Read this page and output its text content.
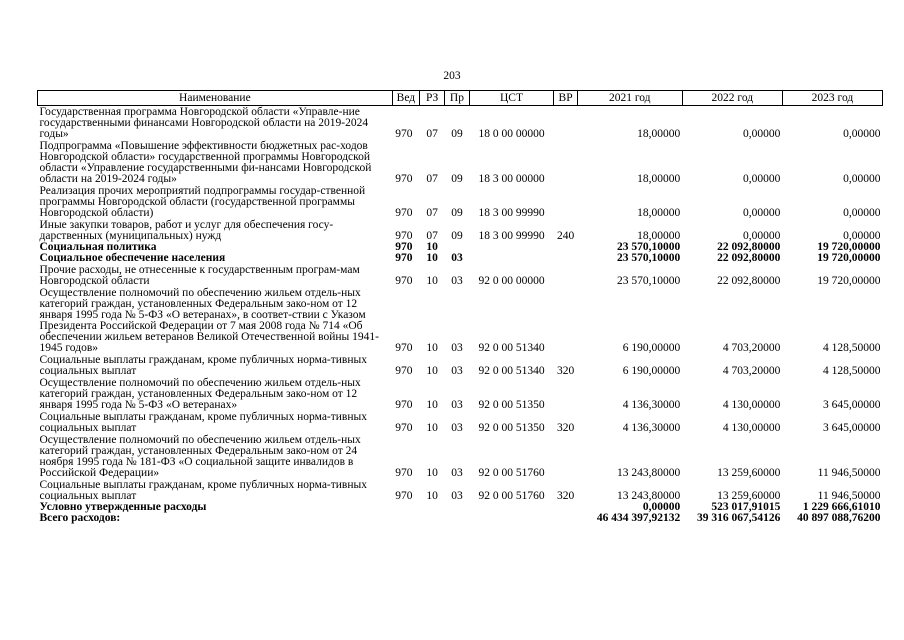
203
Наименование	Вед	РЗ	Пр	ЦСТ	ВР	2021 год	2022 год	2023 год
Государственная программа Новгородской области «Управле-ние государственными финансами Новгородской области на 2019-2024 годы»	970	07	09	18 0 00 00000		18,00000	0,00000	0,00000
Подпрограмма «Повышение эффективности бюджетных рас-ходов Новгородской области» государственной программы Новгородской области «Управление государственными фи-нансами Новгородской области на 2019-2024 годы»	970	07	09	18 3 00 00000		18,00000	0,00000	0,00000
Реализация прочих мероприятий подпрограммы государ-ственной программы Новгородской области (государственной программы Новгородской области)	970	07	09	18 3 00 99990		18,00000	0,00000	0,00000
Иные закупки товаров, работ и услуг для обеспечения госу-дарственных (муниципальных) нужд	970	07	09	18 3 00 99990	240	18,00000	0,00000	0,00000
Социальная политика	970	10				23 570,10000	22 092,80000	19 720,00000
Социальное обеспечение населения	970	10	03			23 570,10000	22 092,80000	19 720,00000
Прочие расходы, не отнесенные к государственным програм-мам Новгородской области	970	10	03	92 0 00 00000		23 570,10000	22 092,80000	19 720,00000
Осуществление полномочий по обеспечению жильем отдель-ных категорий граждан, установленных Федеральным зако-ном от 12 января 1995 года № 5-ФЗ «О ветеранах», в соответ-ствии с Указом Президента Российской Федерации от 7 мая 2008 года № 714 «Об обеспечении жильем ветеранов Великой Отечественной войны 1941-1945 годов»	970	10	03	92 0 00 51340		6 190,00000	4 703,20000	4 128,50000
Социальные выплаты гражданам, кроме публичных норма-тивных социальных выплат	970	10	03	92 0 00 51340	320	6 190,00000	4 703,20000	4 128,50000
Осуществление полномочий по обеспечению жильем отдель-ных категорий граждан, установленных Федеральным зако-ном от 12 января 1995 года № 5-ФЗ «О ветеранах»	970	10	03	92 0 00 51350		4 136,30000	4 130,00000	3 645,00000
Социальные выплаты гражданам, кроме публичных норма-тивных социальных выплат	970	10	03	92 0 00 51350	320	4 136,30000	4 130,00000	3 645,00000
Осуществление полномочий по обеспечению жильем отдель-ных категорий граждан, установленных Федеральным зако-ном от 24 ноября 1995 года № 181-ФЗ «О социальной защите инвалидов в Российской Федерации»	970	10	03	92 0 00 51760		13 243,80000	13 259,60000	11 946,50000
Социальные выплаты гражданам, кроме публичных норма-тивных социальных выплат	970	10	03	92 0 00 51760	320	13 243,80000	13 259,60000	11 946,50000
Условно утвержденные расходы						0,00000	523 017,91015	1 229 666,61010
Всего расходов:						46 434 397,92132	39 316 067,54126	40 897 088,76200
